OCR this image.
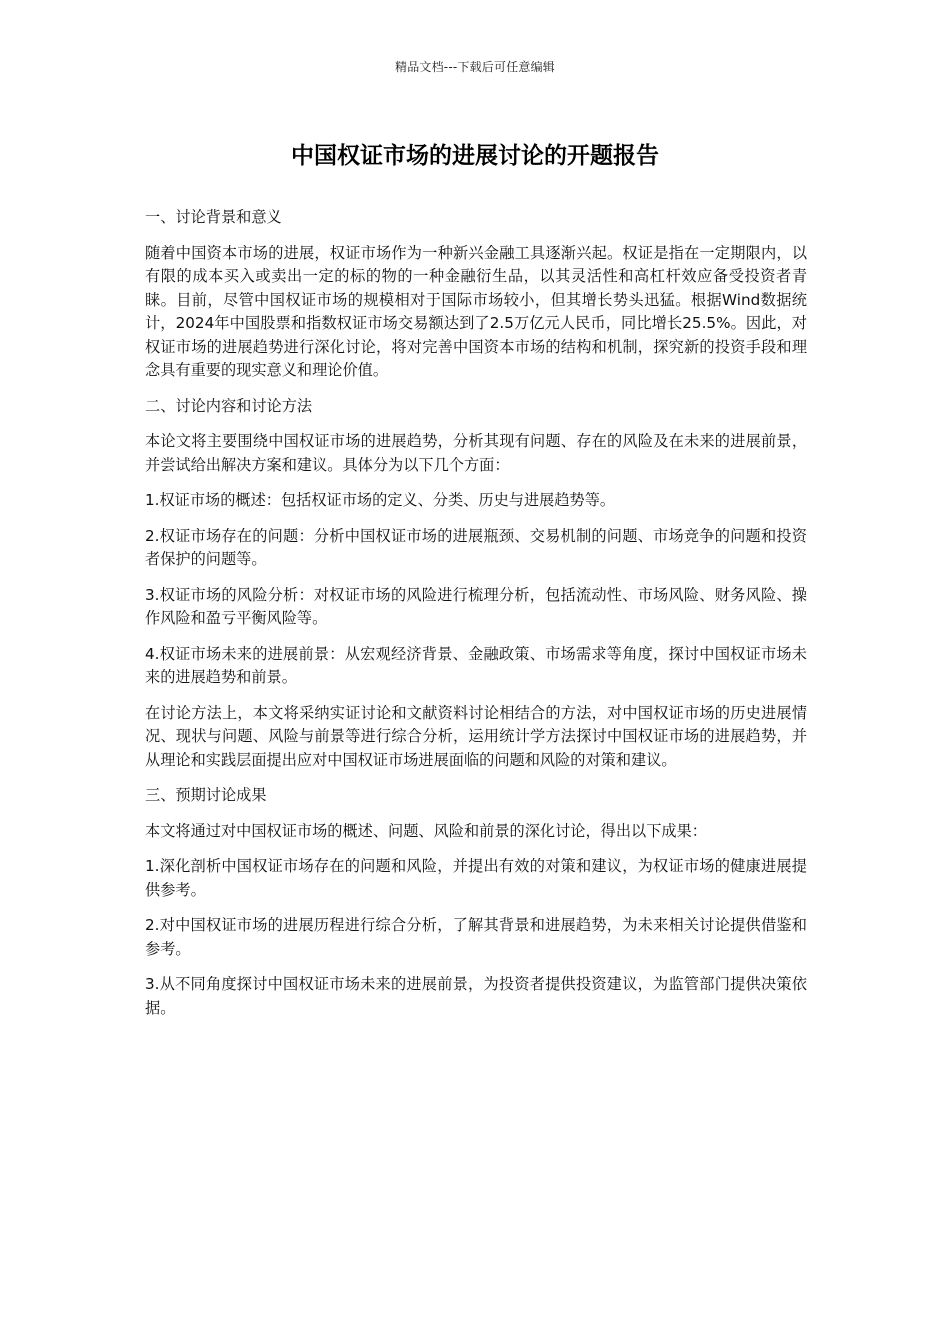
精品文档---下载后可任意编辑
中国权证市场的进展讨论的开题报告

一、讨论背景和意义

随着中国资本市场的进展，权证市场作为一种新兴金融工具逐渐兴起。权证是指在一定期限内，以有限的成本买入或卖出一定的标的物的一种金融衍生品，以其灵活性和高杠杆效应备受投资者青睐。目前，尽管中国权证市场的规模相对于国际市场较小，但其增长势头迅猛。根据Wind数据统计，2024年中国股票和指数权证市场交易额达到了2.5万亿元人民币，同比增长25.5%。因此，对权证市场的进展趋势进行深化讨论，将对完善中国资本市场的结构和机制，探究新的投资手段和理念具有重要的现实意义和理论价值。

二、讨论内容和讨论方法

本论文将主要围绕中国权证市场的进展趋势，分析其现有问题、存在的风险及在未来的进展前景，并尝试给出解决方案和建议。具体分为以下几个方面：

1.权证市场的概述：包括权证市场的定义、分类、历史与进展趋势等。

2.权证市场存在的问题：分析中国权证市场的进展瓶颈、交易机制的问题、市场竞争的问题和投资者保护的问题等。

3.权证市场的风险分析：对权证市场的风险进行梳理分析，包括流动性、市场风险、财务风险、操作风险和盈亏平衡风险等。

4.权证市场未来的进展前景：从宏观经济背景、金融政策、市场需求等角度，探讨中国权证市场未来的进展趋势和前景。

在讨论方法上，本文将采纳实证讨论和文献资料讨论相结合的方法，对中国权证市场的历史进展情况、现状与问题、风险与前景等进行综合分析，运用统计学方法探讨中国权证市场的进展趋势，并从理论和实践层面提出应对中国权证市场进展面临的问题和风险的对策和建议。

三、预期讨论成果

本文将通过对中国权证市场的概述、问题、风险和前景的深化讨论，得出以下成果：

1.深化剖析中国权证市场存在的问题和风险，并提出有效的对策和建议，为权证市场的健康进展提供参考。

2.对中国权证市场的进展历程进行综合分析，了解其背景和进展趋势，为未来相关讨论提供借鉴和参考。

3.从不同角度探讨中国权证市场未来的进展前景，为投资者提供投资建议，为监管部门提供决策依据。
